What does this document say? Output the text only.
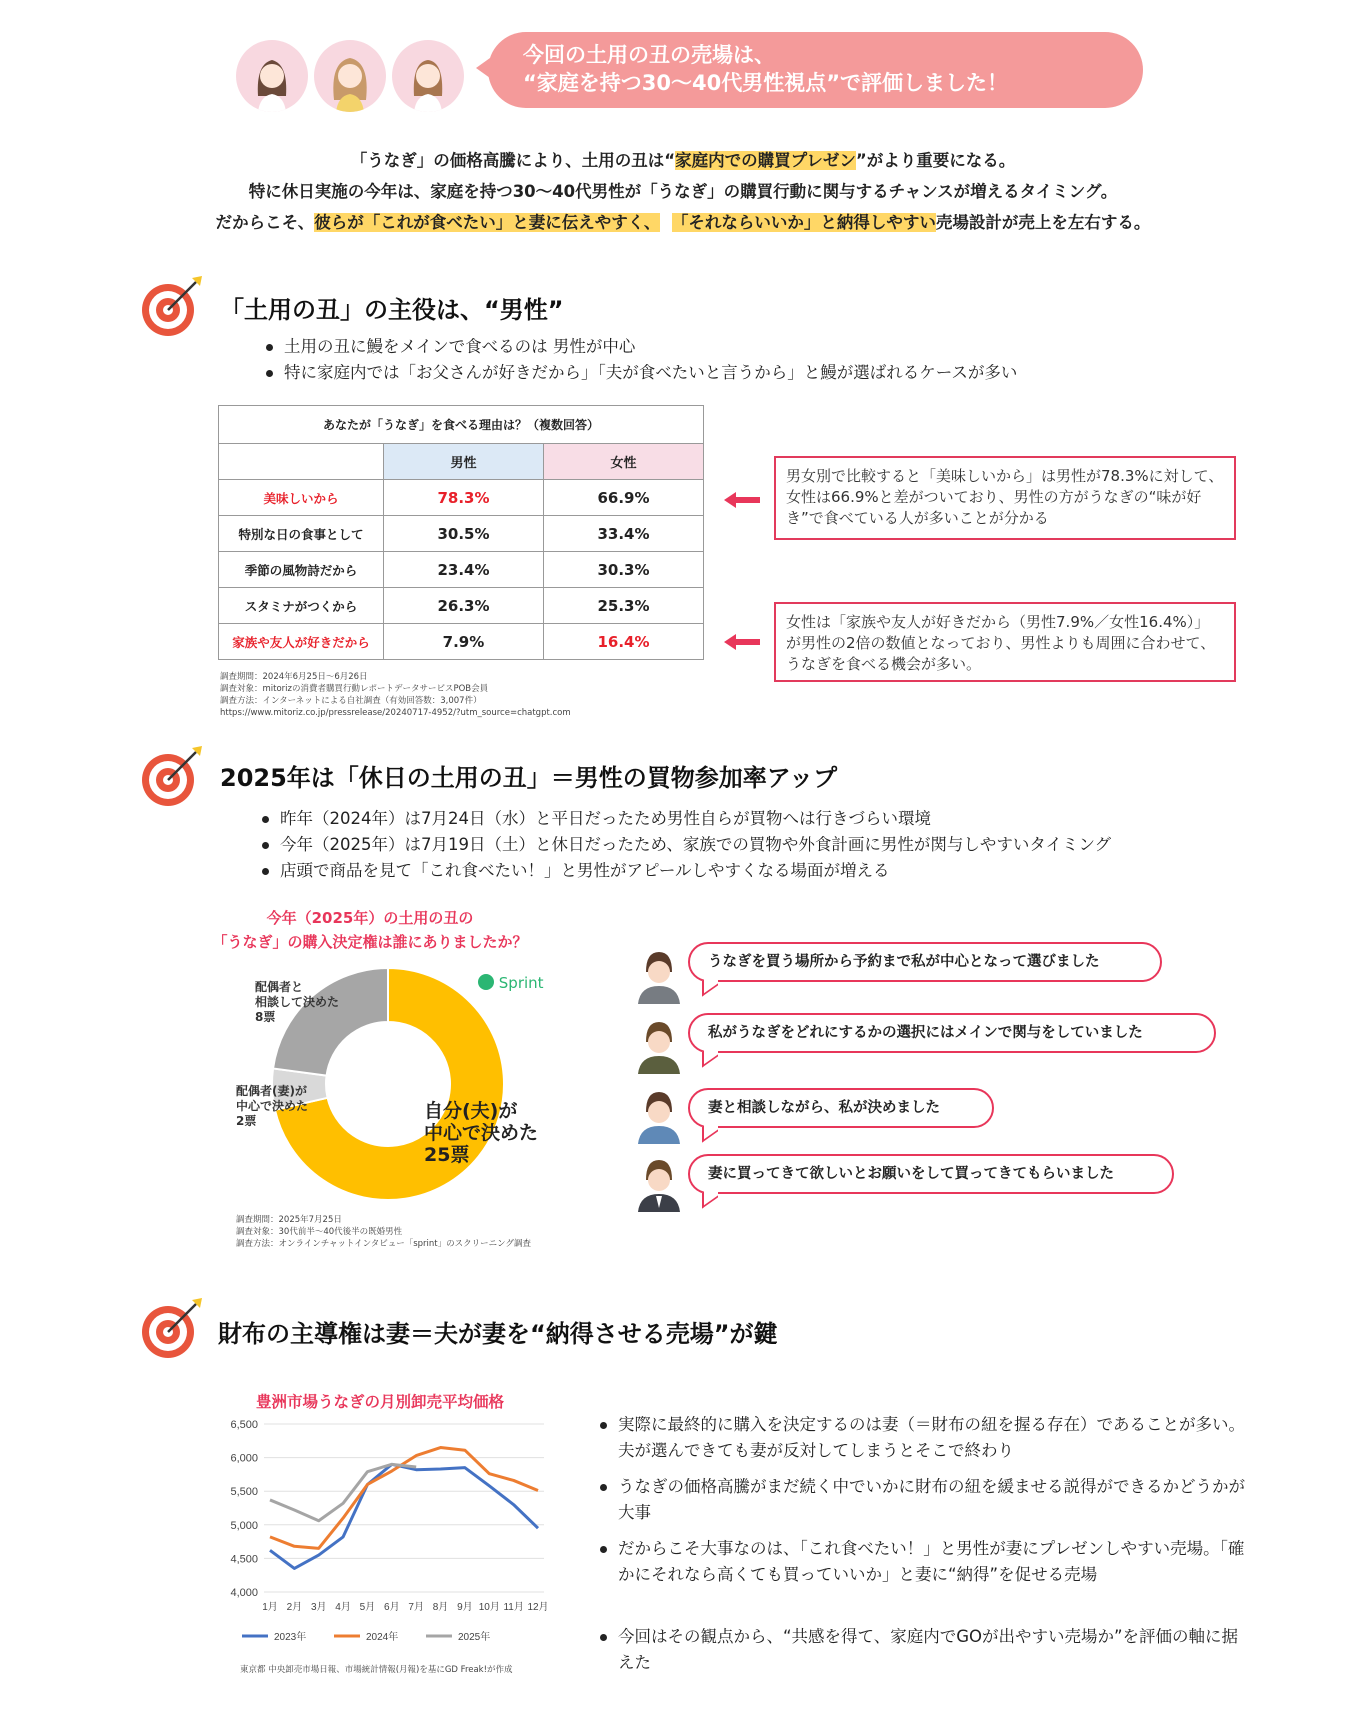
今回の土用の丑の売場は、
“家庭を持つ30〜40代男性視点”で評価しました！
「うなぎ」の価格高騰により、土用の丑は“家庭内での購買プレゼン”がより重要になる。
特に休日実施の今年は、家庭を持つ30〜40代男性が「うなぎ」の購買行動に関与するチャンスが増えるタイミング。
だからこそ、彼らが「これが食べたい」と妻に伝えやすく、 「それならいいか」と納得しやすい売場設計が売上を左右する。
「土用の丑」の主役は、“男性”
土用の丑に鰻をメインで食べるのは 男性が中心
特に家庭内では「お父さんが好きだから」「夫が食べたいと言うから」と鰻が選ばれるケースが多い
あなたが「うなぎ」を食べる理由は？（複数回答）		
	男性	女性
美味しいから	78.3%	66.9%
特別な日の食事として	30.5%	33.4%
季節の風物詩だから	23.4%	30.3%
スタミナがつくから	26.3%	25.3%
家族や友人が好きだから	7.9%	16.4%
男女別で比較すると「美味しいから」は男性が78.3%に対して、女性は66.9%と差がついており、男性の方がうなぎの“味が好き”で食べている人が多いことが分かる
女性は「家族や友人が好きだから（男性7.9%／女性16.4%）」が男性の2倍の数値となっており、男性よりも周囲に合わせて、うなぎを食べる機会が多い。
調査期間：2024年6月25日〜6月26日
調査対象：mitorizの消費者購買行動レポートデータサービスPOB会員
調査方法：インターネットによる自社調査（有効回答数：3,007件）
https://www.mitoriz.co.jp/pressrelease/20240717-4952/?utm_source=chatgpt.com
2025年は「休日の土用の丑」＝男性の買物参加率アップ
昨年（2024年）は7月24日（水）と平日だったため男性自らが買物へは行きづらい環境
今年（2025年）は7月19日（土）と休日だったため、家族での買物や外食計画に男性が関与しやすいタイミング
店頭で商品を見て「これ食べたい！」と男性がアピールしやすくなる場面が増える
今年（2025年）の土用の丑の
「うなぎ」の購入決定権は誰にありましたか？
Sprint
配偶者と
相談して決めた
8票
配偶者(妻)が
中心で決めた
2票	自分(夫)が
中心で決めた
25票
調査期間：2025年7月25日
調査対象：30代前半〜40代後半の既婚男性
調査方法：オンラインチャットインタビュー「sprint」のスクリーニング調査
うなぎを買う場所から予約まで私が中心となって選びました
私がうなぎをどれにするかの選択にはメインで関与をしていました
妻と相談しながら、私が決めました
妻に買ってきて欲しいとお願いをして買ってきてもらいました
財布の主導権は妻＝夫が妻を“納得させる売場”が鍵
豊洲市場うなぎの月別卸売平均価格
4,000
4,500
5,000
5,500
6,000
6,500
1月 2月 3月 4月 5月 6月 7月 8月 9月 10月 11月 12月
2023年	2024年	2025年
東京都 中央卸売市場日報、市場統計情報(月報)を基にGD Freak!が作成
実際に最終的に購入を決定するのは妻（＝財布の紐を握る存在）であることが多い。夫が選んできても妻が反対してしまうとそこで終わり
うなぎの価格高騰がまだ続く中でいかに財布の紐を緩ませる説得ができるかどうかが大事
だからこそ大事なのは、「これ食べたい！」と男性が妻にプレゼンしやすい売場。「確かにそれなら高くても買っていいか」と妻に“納得”を促せる売場
今回はその観点から、“共感を得て、家庭内でGOが出やすい売場か”を評価の軸に据えた
